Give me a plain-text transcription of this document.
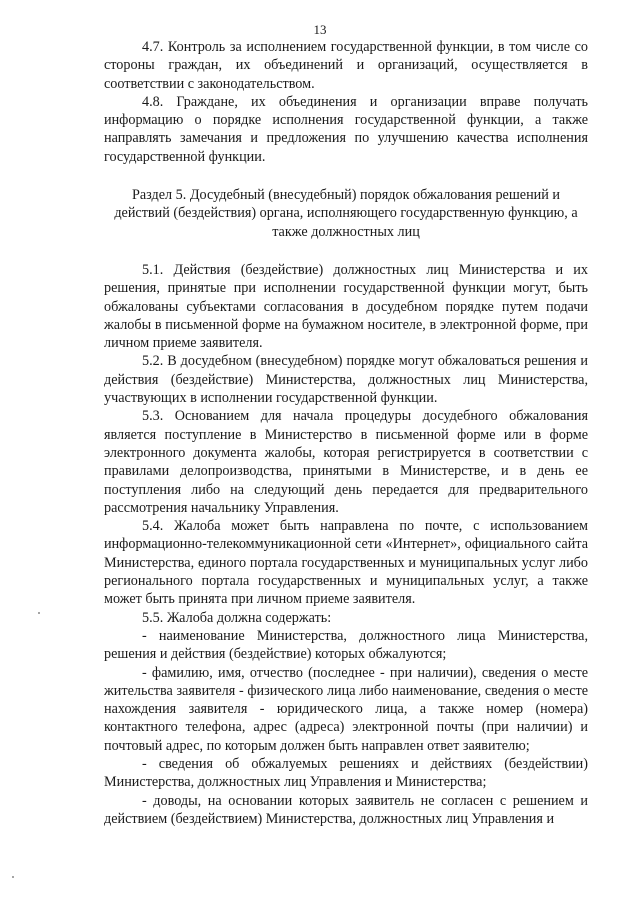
13

4.7. Контроль за исполнением государственной функции, в том числе со стороны граждан, их объединений и организаций, осуществляется в соответствии с законодательством.

4.8. Граждане, их объединения и организации вправе получать информацию о порядке исполнения государственной функции, а также направлять замечания и предложения по улучшению качества исполнения государственной функции.

Раздел 5. Досудебный (внесудебный) порядок обжалования решений и действий (бездействия) органа, исполняющего государственную функцию, а также должностных лиц

5.1. Действия (бездействие) должностных лиц Министерства и их решения, принятые при исполнении государственной функции могут, быть обжалованы субъектами согласования в досудебном порядке путем подачи жалобы в письменной форме на бумажном носителе, в электронной форме, при личном приеме заявителя.

5.2. В досудебном (внесудебном) порядке могут обжаловаться решения и действия (бездействие) Министерства, должностных лиц Министерства, участвующих в исполнении государственной функции.

5.3. Основанием для начала процедуры досудебного обжалования является поступление в Министерство в письменной форме или в форме электронного документа жалобы, которая регистрируется в соответствии с правилами делопроизводства, принятыми в Министерстве, и в день ее поступления либо на следующий день передается для предварительного рассмотрения начальнику Управления.

5.4. Жалоба может быть направлена по почте, с использованием информационно-телекоммуникационной сети «Интернет», официального сайта Министерства, единого портала государственных и муниципальных услуг либо регионального портала государственных и муниципальных услуг, а также может быть принята при личном приеме заявителя.

5.5. Жалоба должна содержать:

- наименование Министерства, должностного лица Министерства, решения и действия (бездействие) которых обжалуются;

- фамилию, имя, отчество (последнее - при наличии), сведения о месте жительства заявителя - физического лица либо наименование, сведения о месте нахождения заявителя - юридического лица, а также номер (номера) контактного телефона, адрес (адреса) электронной почты (при наличии) и почтовый адрес, по которым должен быть направлен ответ заявителю;

- сведения об обжалуемых решениях и действиях (бездействии) Министерства, должностных лиц Управления и Министерства;

- доводы, на основании которых заявитель не согласен с решением и действием (бездействием) Министерства, должностных лиц Управления и
